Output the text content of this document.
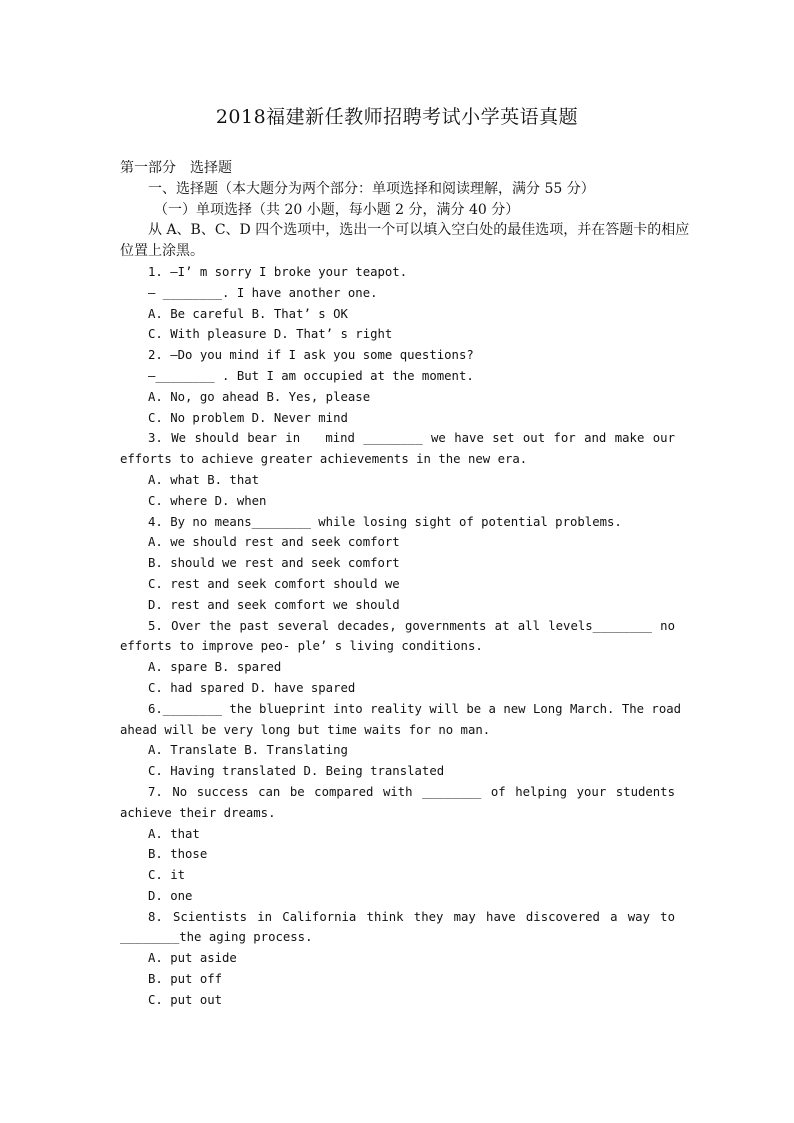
2018福建新任教师招聘考试小学英语真题
第一部分　选择题
一、选择题（本大题分为两个部分：单项选择和阅读理解，满分 55 分）
（一）单项选择（共 20 小题，每小题 2 分，满分 40 分）
从 A、B、C、D 四个选项中，选出一个可以填入空白处的最佳选项，并在答题卡的相应
位置上涂黑。
1. —I’ m sorry I broke your teapot.
— ________. I have another one.
A. Be careful B. That’ s OK
C. With pleasure D. That’ s right
2. —Do you mind if I ask you some questions?
—________ . But I am occupied at the moment.
A. No, go ahead B. Yes, please
C. No problem D. Never mind
3. We should bear in   mind ________ we have set out for and make our
efforts to achieve greater achievements in the new era.
A. what B. that
C. where D. when
4. By no means________ while losing sight of potential problems.
A. we should rest and seek comfort
B. should we rest and seek comfort
C. rest and seek comfort should we
D. rest and seek comfort we should
5. Over the past several decades, governments at all levels________ no
efforts to improve peo- ple’ s living conditions.
A. spare B. spared
C. had spared D. have spared
6.________ the blueprint into reality will be a new Long March. The road
ahead will be very long but time waits for no man.
A. Translate B. Translating
C. Having translated D. Being translated
7. No success can be compared with ________ of helping your students
achieve their dreams.
A. that
B. those
C. it
D. one
8. Scientists in California think they may have discovered a way to
________the aging process.
A. put aside
B. put off
C. put out
